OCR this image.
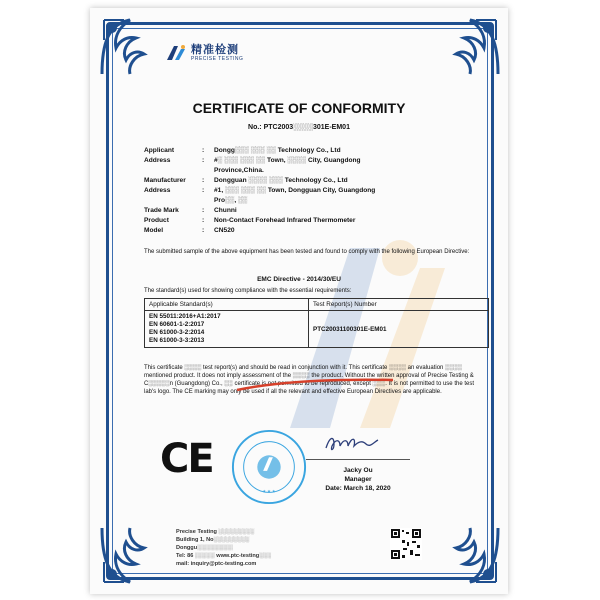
精准检测
PRECISE TESTING
CERTIFICATE OF CONFORMITY
No.: PTC2003░░░░301E-EM01
Applicant	:	Dongg░░░ ░░░ ░░ Technology Co., Ltd
Address	:	#░ ░░░ ░░░ ░░ Town, ░░░░ City, Guangdong
Province,China.
Manufacturer	:	Dongguan ░░░░ ░░░ Technology Co., Ltd
Address	:	#1, ░░░ ░░░ ░░ Town, Dongguan City, Guangdong
Pro░░, ░░
Trade Mark	:	Chunni
Product	:	Non-Contact Forehead Infrared Thermometer
Model	:	CN520
The submitted sample of the above equipment has been tested and found to comply with the following European Directive:
EMC Directive - 2014/30/EU
The standard(s) used for showing compliance with the essential requirements:
Applicable Standard(s)	Test Report(s) Number

EN 55011:2016+A1:2017
EN 60601-1-2:2017
EN 61000-3-2:2014
EN 61000-3-3:2013	PTC20031100301E-EM01
This certificate ░░░░ test report(s) and should be read in conjunction with it. This certificate ░░░░ an evaluation ░░░░ mentioned product. It does not imply assessment of the ░░░░ the product. Without the written approval of Precise Testing & C░░░░░n (Guangdong) Co., ░░ certificate is not permitted to be reproduced, except ░░░. It is not permitted to use the test lab's logo. The CE marking may only be used if all the relevant and effective European Directives are applicable.
CE
★ ★ ★
Jacky Ou
Manager
Date: March 18, 2020
Precise Testing ░░░░░░░░░
Building 1, No░░░░░░░░░
Donggu░░░░░░░░░
Tel: 86 ░░░░░ www.ptc-testing░░░
mail: inquiry@ptc-testing.com
